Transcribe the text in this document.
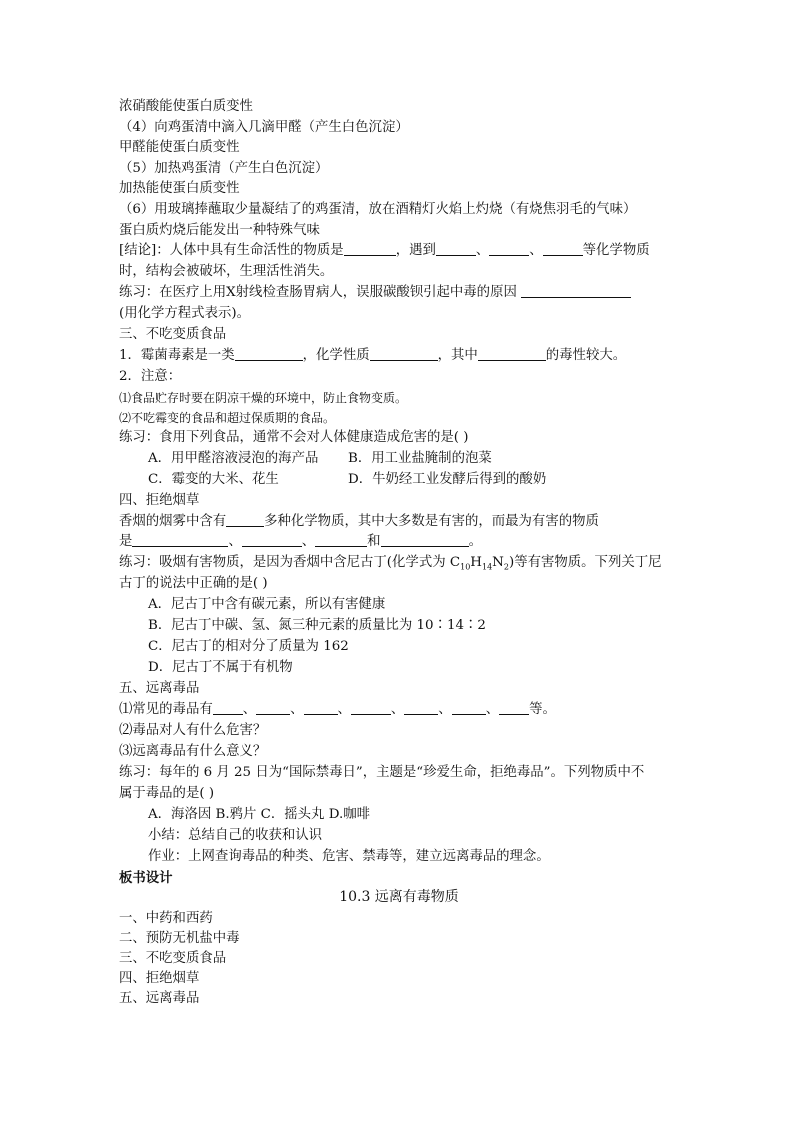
浓硝酸能使蛋白质变性
（4）向鸡蛋清中滴入几滴甲醛（产生白色沉淀）
甲醛能使蛋白质变性
（5）加热鸡蛋清（产生白色沉淀）
加热能使蛋白质变性
（6）用玻璃捧蘸取少量凝结了的鸡蛋清，放在酒精灯火焰上灼烧（有烧焦羽毛的气味）
蛋白质灼烧后能发出一种特殊气味
[结论]：人体中具有生命活性的物质是	，遇到	、	、	等化学物质
时，结构会被破坏，生理活性消失。
练习：在医疗上用X射线检查肠胃病人，误服碳酸钡引起中毒的原因
(用化学方程式表示)。
三、不吃变质食品
1．霉菌毒素是一类	，化学性质	，其中	的毒性较大。
2．注意：
⑴食品贮存时要在阴凉干燥的环境中，防止食物变质。
⑵不吃霉变的食品和超过保质期的食品。
练习：食用下列食品，通常不会对人体健康造成危害的是( )
A．用甲醛溶液浸泡的海产品 B．用工业盐腌制的泡菜
C．霉变的大米、花生	D．牛奶经工业发酵后得到的酸奶
四、拒绝烟草
香烟的烟雾中含有	多种化学物质，其中大多数是有害的，而最为有害的物质
是	、	、	和	。
练习：吸烟有害物质，是因为香烟中含尼古丁(化学式为 $C_{10}H_{14}N_2$)等有害物质。下列关丁尼
古丁的说法中正确的是( )
A．尼古丁中含有碳元素，所以有害健康
B．尼古丁中碳、氢、氮三种元素的质量比为 10∶14∶2
C．尼古丁的相对分了质量为 162
D．尼古丁不属于有机物
五、远离毒品
⑴常见的毒品有 、	、	、	、	、	、 等。
⑵毒品对人有什么危害？
⑶远离毒品有什么意义？
练习：每年的 6 月 25 日为“国际禁毒日”，主题是“珍爱生命，拒绝毒品”。下列物质中不
属于毒品的是( )
A．海洛因 B.鸦片 C．摇头丸 D.咖啡
小结：总结自己的收获和认识
作业：上网查询毒品的种类、危害、禁毒等，建立远离毒品的理念。
板书设计
10.3 远离有毒物质
一、中药和西药
二、预防无机盐中毒
三、不吃变质食品
四、拒绝烟草
五、远离毒品
